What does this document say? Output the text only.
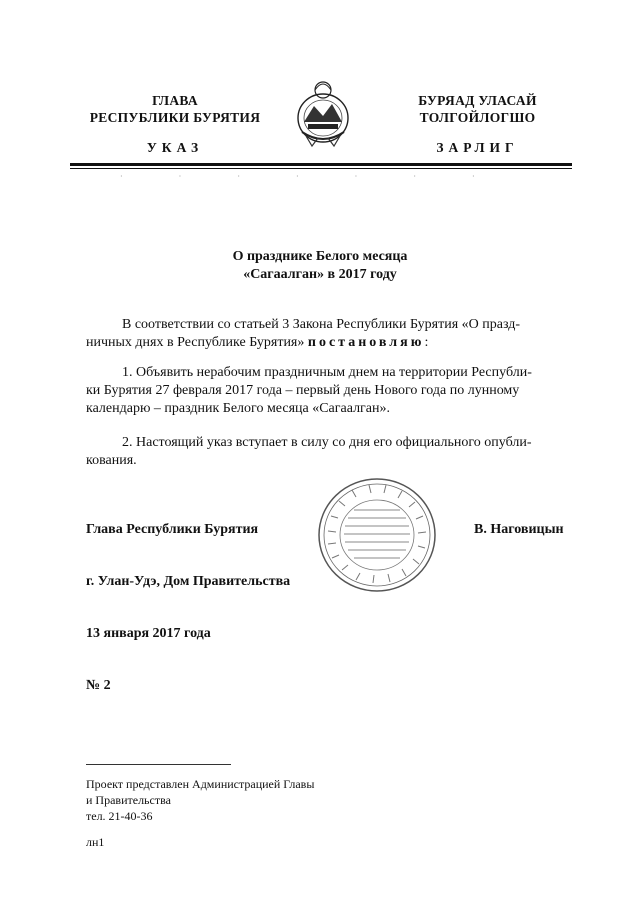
ГЛАВА
РЕСПУБЛИКИ БУРЯТИЯ
БУРЯАД УЛАСАЙ
ТОЛГОЙЛОГШО
УКАЗ	ЗАРЛИГ
·······
О празднике Белого месяца
«Сагаалган» в 2017 году
В соответствии со статьей 3 Закона Республики Бурятия «О празд-
ничных днях в Республике Бурятия» постановляю:
1. Объявить нерабочим праздничным днем на территории Республи-
ки Бурятия 27 февраля 2017 года – первый день Нового года по лунному
календарю – праздник Белого месяца «Сагаалган».
2. Настоящий указ вступает в силу со дня его официального опубли-
кования.
Глава Республики Бурятия	В. Наговицын
г. Улан-Удэ, Дом Правительства
13 января 2017 года
№ 2
Проект представлен Администрацией Главы
и Правительства
тел. 21-40-36
лн1
